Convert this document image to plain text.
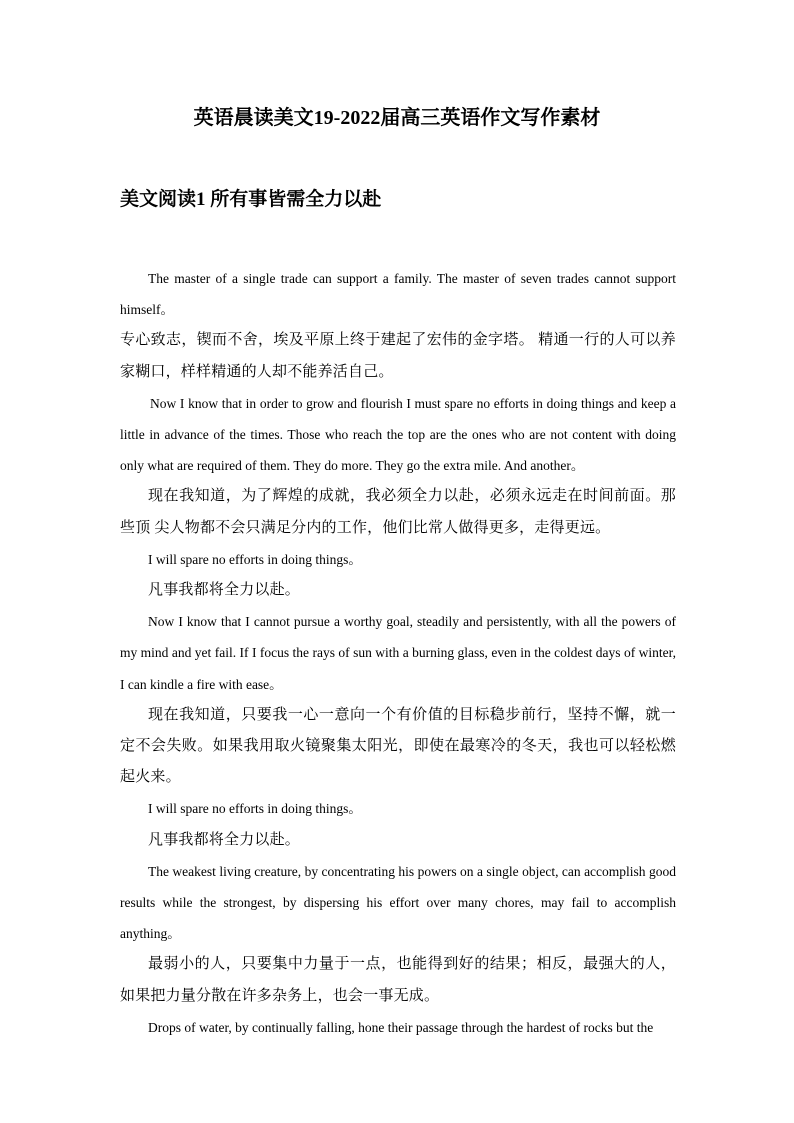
英语晨读美文19-2022届高三英语作文写作素材
美文阅读1 所有事皆需全力以赴

The master of a single trade can support a family. The master of seven trades cannot support himself。

专心致志，锲而不舍，埃及平原上终于建起了宏伟的金字塔。 精通一行的人可以养家糊口，样样精通的人却不能养活自己。

Now I know that in order to grow and flourish I must spare no efforts in doing things and keep a little in advance of the times. Those who reach the top are the ones who are not content with doing only what are required of them. They do more. They go the extra mile. And another。

现在我知道，为了辉煌的成就，我必须全力以赴，必须永远走在时间前面。那些顶 尖人物都不会只满足分内的工作，他们比常人做得更多，走得更远。

I will spare no efforts in doing things。

凡事我都将全力以赴。

Now I know that I cannot pursue a worthy goal, steadily and persistently, with all the powers of my mind and yet fail. If I focus the rays of sun with a burning glass, even in the coldest days of winter, I can kindle a fire with ease。

现在我知道，只要我一心一意向一个有价值的目标稳步前行，坚持不懈，就一定不会失败。如果我用取火镜聚集太阳光，即使在最寒冷的冬天，我也可以轻松燃起火来。

I will spare no efforts in doing things。

凡事我都将全力以赴。

The weakest living creature, by concentrating his powers on a single object, can accomplish good results while the strongest, by dispersing his effort over many chores, may fail to accomplish anything。

最弱小的人，只要集中力量于一点，也能得到好的结果；相反，最强大的人，如果把力量分散在许多杂务上，也会一事无成。

Drops of water, by continually falling, hone their passage through the hardest of rocks but the
